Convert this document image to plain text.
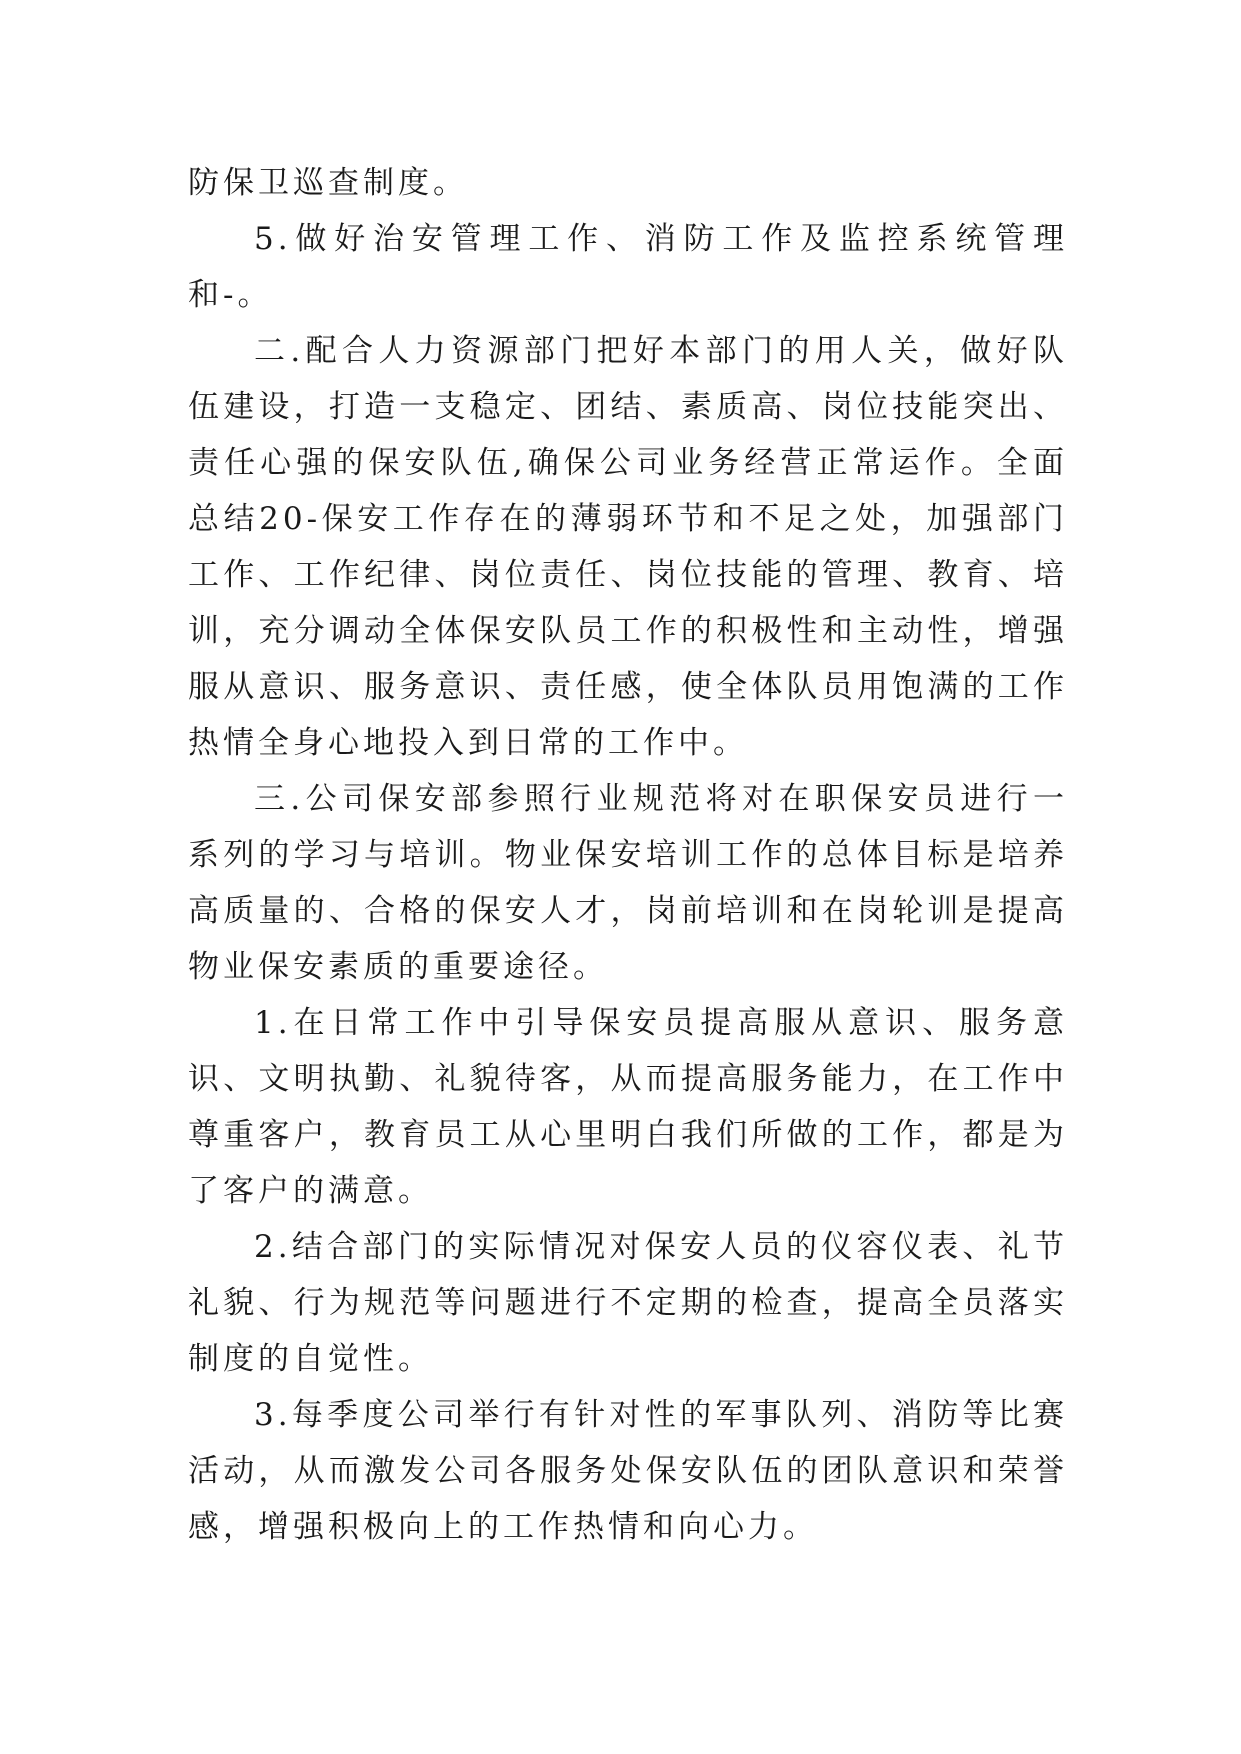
防保卫巡查制度。

5.做好治安管理工作、消防工作及监控系统管理和-。

二.配合人力资源部门把好本部门的用人关，做好队伍建设，打造一支稳定、团结、素质高、岗位技能突出、责任心强的保安队伍,确保公司业务经营正常运作。全面总结20-保安工作存在的薄弱环节和不足之处，加强部门工作、工作纪律、岗位责任、岗位技能的管理、教育、培训，充分调动全体保安队员工作的积极性和主动性，增强服从意识、服务意识、责任感，使全体队员用饱满的工作热情全身心地投入到日常的工作中。

三.公司保安部参照行业规范将对在职保安员进行一系列的学习与培训。物业保安培训工作的总体目标是培养高质量的、合格的保安人才，岗前培训和在岗轮训是提高物业保安素质的重要途径。

1.在日常工作中引导保安员提高服从意识、服务意识、文明执勤、礼貌待客，从而提高服务能力，在工作中尊重客户，教育员工从心里明白我们所做的工作，都是为了客户的满意。

2.结合部门的实际情况对保安人员的仪容仪表、礼节礼貌、行为规范等问题进行不定期的检查，提高全员落实制度的自觉性。

3.每季度公司举行有针对性的军事队列、消防等比赛活动，从而激发公司各服务处保安队伍的团队意识和荣誉感，增强积极向上的工作热情和向心力。
